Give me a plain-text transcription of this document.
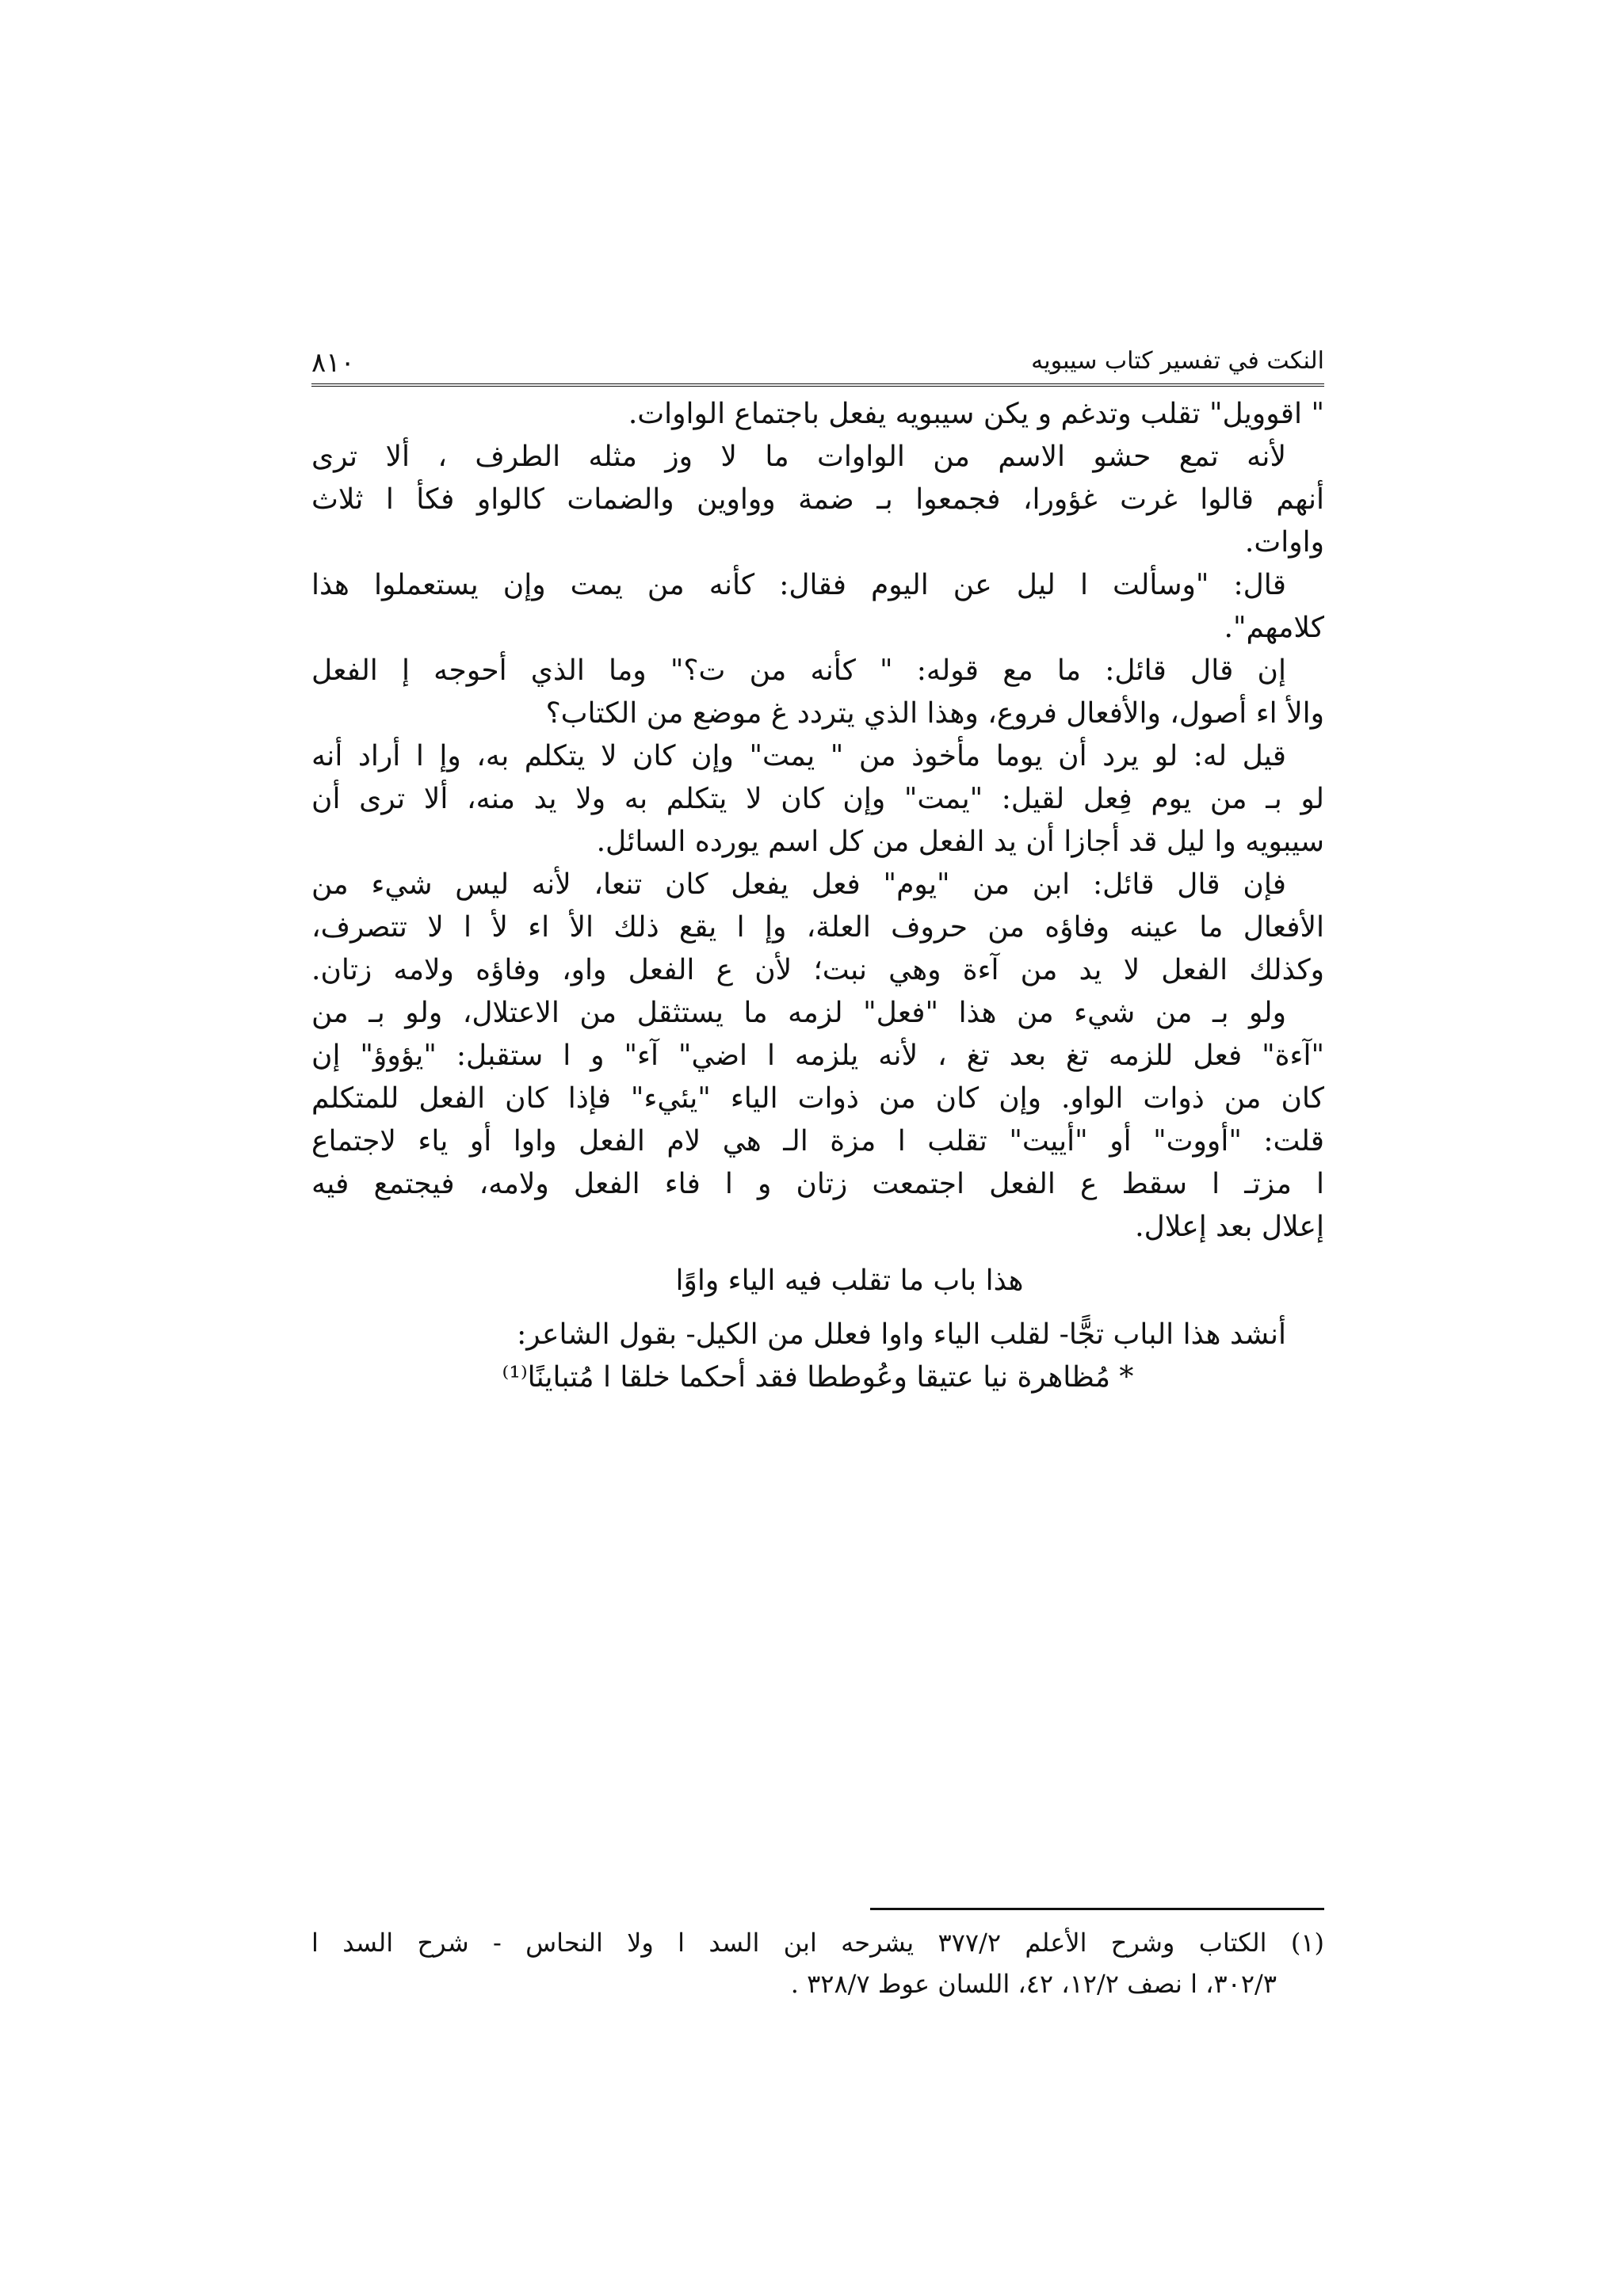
النكت في تفسير كتاب سيبويه
٨١٠
" اقوويل" تقلب وتدغم و يكن سيبويه يفعل باجتماع الواوات.
لأنه تمع حشو الاسم من الواوات ما لا وز مثله الطرف ، ألا ترى
أنهم قالوا غرت غؤورا، فجمعوا بـ ضمة وواوين والضمات كالواو فكأ ا ثلاث
واوات.
قال: "وسألت ا ليل عن اليوم فقال: كأنه من يمت وإن يستعملوا هذا
كلامهم".
إن قال قائل: ما مع قوله: " كأنه من ت؟" وما الذي أحوجه إ الفعل
والأ اء أصول، والأفعال فروع، وهذا الذي يتردد غ موضع من الكتاب؟
قيل له: لو يرد أن يوما مأخوذ من " يمت" وإن كان لا يتكلم به، وإ ا أراد أنه
لو بـ من يوم فِعل لقيل: "يمت" وإن كان لا يتكلم به ولا يد منه، ألا ترى أن
سيبويه وا ليل قد أجازا أن يد الفعل من كل اسم يورده السائل.
فإن قال قائل: ابن من "يوم" فعل يفعل كان تنعا، لأنه ليس شيء من
الأفعال ما عينه وفاؤه من حروف العلة، وإ ا يقع ذلك الأ اء لأ ا لا تتصرف،
وكذلك الفعل لا يد من آءة وهي نبت؛ لأن ع الفعل واو، وفاؤه ولامه زتان.
ولو بـ من شيء من هذا "فعل" لزمه ما يستثقل من الاعتلال، ولو بـ من
"آءة" فعل للزمه تغ بعد تغ ، لأنه يلزمه ا اضي" آء" و ا ستقبل: "يؤوؤ" إن
كان من ذوات الواو. وإن كان من ذوات الياء "يئيء" فإذا كان الفعل للمتكلم
قلت: "أووت" أو "أييت" تقلب ا مزة الـ هي لام الفعل واوا أو ياء لاجتماع
ا مزتـ ا سقط ع الفعل اجتمعت زتان و ا فاء الفعل ولامه، فيجتمع فيه
إعلال بعد إعلال.
هذا باب ما تقلب فيه الياء واوًا
أنشد هذا الباب تجًّا- لقلب الياء واوا فعلل من الكيل- بقول الشاعر:
* مُظاهرة نيا عتيقا وعُوططا فقد أحكما خلقا ا مُتباينًا⁽¹⁾
(١) الكتاب وشرح الأعلم ٣٧٧/٢ يشرحه ابن السد ا ولا النحاس - شرح السد ا
٣٠٢/٣، ا نصف ١٢/٢، ٤٢، اللسان عوط ٣٢٨/٧ .
